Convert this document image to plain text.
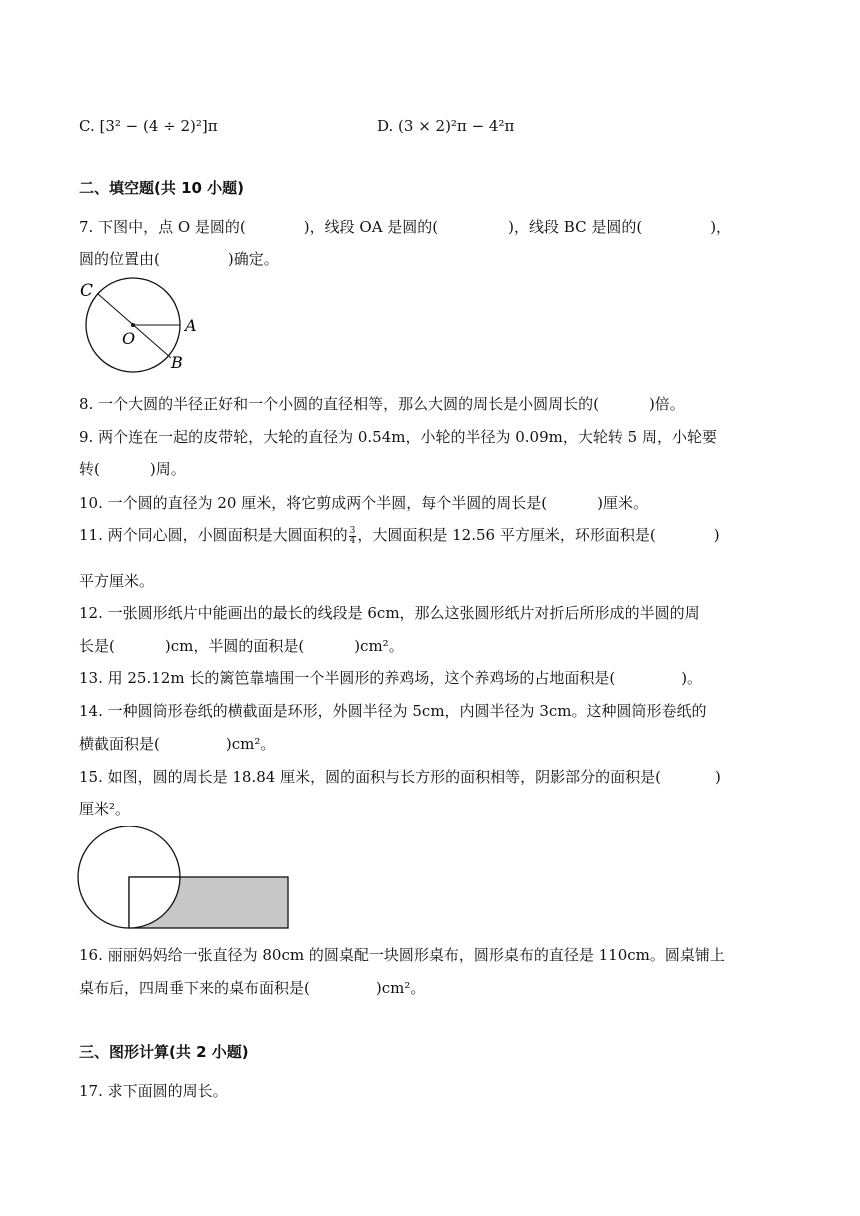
C. [3² − (4 ÷ 2)²]π	D. (3 × 2)²π − 4²π
二、填空题(共 10 小题)
7. 下图中，点 O 是圆的(	)，线段 OA 是圆的(	)，线段 BC 是圆的(	)，
圆的位置由(	)确定。
C
O
A
B
8. 一个大圆的半径正好和一个小圆的直径相等，那么大圆的周长是小圆周长的(	)倍。
9. 两个连在一起的皮带轮，大轮的直径为 0.54m，小轮的半径为 0.09m，大轮转 5 周，小轮要
转(	)周。
10. 一个圆的直径为 20 厘米，将它剪成两个半圆，每个半圆的周长是(	)厘米。
11. 两个同心圆，小圆面积是大圆面积的 $\frac{3}{4}$ ，大圆面积是 12.56 平方厘米，环形面积是(	)
平方厘米。
12. 一张圆形纸片中能画出的最长的线段是 6cm，那么这张圆形纸片对折后所形成的半圆的周
长是(	)cm，半圆的面积是(	)cm²。
13. 用 25.12m 长的篱笆靠墙围一个半圆形的养鸡场，这个养鸡场的占地面积是(	)。
14. 一种圆筒形卷纸的横截面是环形，外圆半径为 5cm，内圆半径为 3cm。这种圆筒形卷纸的
横截面积是(	)cm²。
15. 如图，圆的周长是 18.84 厘米，圆的面积与长方形的面积相等，阴影部分的面积是(	)
厘米²。
16. 丽丽妈妈给一张直径为 80cm 的圆桌配一块圆形桌布，圆形桌布的直径是 110cm。圆桌铺上
桌布后，四周垂下来的桌布面积是(	)cm²。
三、图形计算(共 2 小题)
17. 求下面圆的周长。
